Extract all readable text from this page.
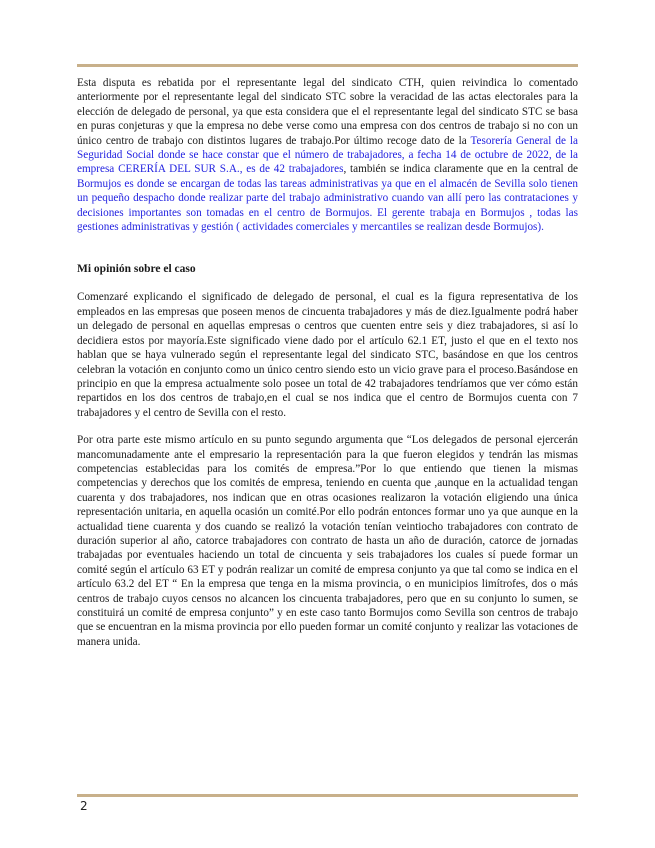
Esta disputa es rebatida por el representante legal del sindicato CTH, quien reivindica lo comentado anteriormente por el representante legal del sindicato STC sobre la veracidad de las actas electorales para la elección de delegado de personal, ya que esta considera que el el representante legal del sindicato STC se basa en puras conjeturas y que la empresa no debe verse como una empresa con dos centros de trabajo si no con un único centro de trabajo con distintos lugares de trabajo.Por último recoge dato de la Tesorería General de la Seguridad Social donde se hace constar que el número de trabajadores, a fecha 14 de octubre de 2022, de la empresa CERERÍA DEL SUR S.A., es de 42 trabajadores, también se indica claramente que en la central de Bormujos es donde se encargan de todas las tareas administrativas ya que en el almacén de Sevilla solo tienen un pequeño despacho donde realizar parte del trabajo administrativo cuando van allí pero las contrataciones y decisiones importantes son tomadas en el centro de Bormujos. El gerente trabaja en Bormujos , todas las gestiones administrativas y gestión ( actividades comerciales y mercantiles se realizan desde Bormujos).

Mi opinión sobre el caso

Comenzaré explicando el significado de delegado de personal, el cual es la figura representativa de los empleados en las empresas que poseen menos de cincuenta trabajadores y más de diez.Igualmente podrá haber un delegado de personal en aquellas empresas o centros que cuenten entre seis y diez trabajadores, si así lo decidiera estos por mayoría.Este significado viene dado por el artículo 62.1 ET, justo el que en el texto nos hablan que se haya vulnerado según el representante legal del sindicato STC, basándose en que los centros celebran la votación en conjunto como un único centro siendo esto un vicio grave para el proceso.Basándose en principio en que la empresa actualmente solo posee un total de 42 trabajadores tendríamos que ver cómo están repartidos en los dos centros de trabajo,en el cual se nos indica que el centro de Bormujos cuenta con 7 trabajadores y el centro de Sevilla con el resto.

Por otra parte este mismo artículo en su punto segundo argumenta que “Los delegados de personal ejercerán mancomunadamente ante el empresario la representación para la que fueron elegidos y tendrán las mismas competencias establecidas para los comités de empresa.”Por lo que entiendo que tienen la mismas competencias y derechos que los comités de empresa, teniendo en cuenta que ,aunque en la actualidad tengan cuarenta y dos trabajadores, nos indican que en otras ocasiones realizaron la votación eligiendo una única representación unitaria, en aquella ocasión un comité.Por ello podrán entonces formar uno ya que aunque en la actualidad tiene cuarenta y dos cuando se realizó la votación tenían veintiocho trabajadores con contrato de duración superior al año, catorce trabajadores con contrato de hasta un año de duración, catorce de jornadas trabajadas por eventuales haciendo un total de cincuenta y seis trabajadores los cuales sí puede formar un comité según el artículo 63 ET y podrán realizar un comité de empresa conjunto ya que tal como se indica en el artículo 63.2 del ET “ En la empresa que tenga en la misma provincia, o en municipios limítrofes, dos o más centros de trabajo cuyos censos no alcancen los cincuenta trabajadores, pero que en su conjunto lo sumen, se constituirá un comité de empresa conjunto” y en este caso tanto Bormujos como Sevilla son centros de trabajo que se encuentran en la misma provincia por ello pueden formar un comité conjunto y realizar las votaciones de manera unida.

2
